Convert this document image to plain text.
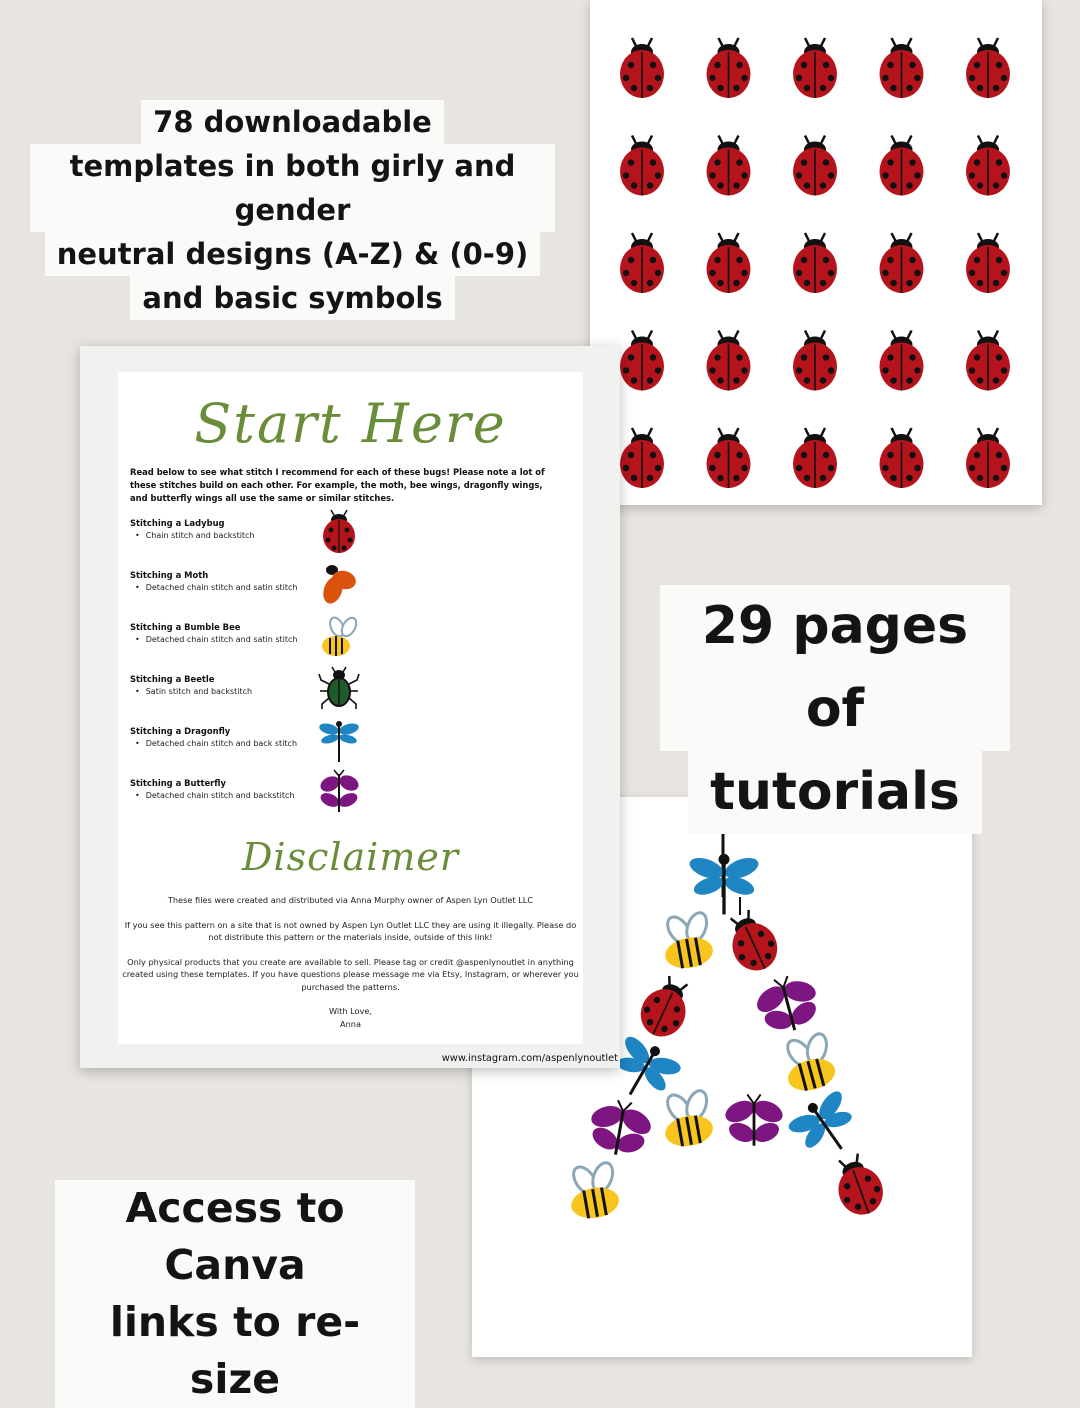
78 downloadable
templates in both girly and gender
neutral designs (A-Z) & (0-9)
and basic symbols
Start Here
Read below to see what stitch I recommend for each of these bugs! Please note a lot of these stitches build on each other. For example, the moth, bee wings, dragonfly wings, and butterfly wings all use the same or similar stitches.
Stitching a Ladybug
• Chain stitch and backstitch
Stitching a Moth
• Detached chain stitch and satin stitch
Stitching a Bumble Bee
• Detached chain stitch and satin stitch
Stitching a Beetle
• Satin stitch and backstitch
Stitching a Dragonfly
• Detached chain stitch and back stitch
Stitching a Butterfly
• Detached chain stitch and backstitch
Disclaimer

These files were created and distributed via Anna Murphy owner of Aspen Lyn Outlet LLC

If you see this pattern on a site that is not owned by Aspen Lyn Outlet LLC they are using it illegally. Please do not distribute this pattern or the materials inside, outside of this link!

Only physical products that you create are available to sell. Please tag or credit @aspenlynoutlet in anything created using these templates. If you have questions please message me via Etsy, Instagram, or wherever you purchased the patterns.

With Love,
Anna
www.instagram.com/aspenlynoutlet
29 pages of
tutorials
Access to Canva
links to re-size
